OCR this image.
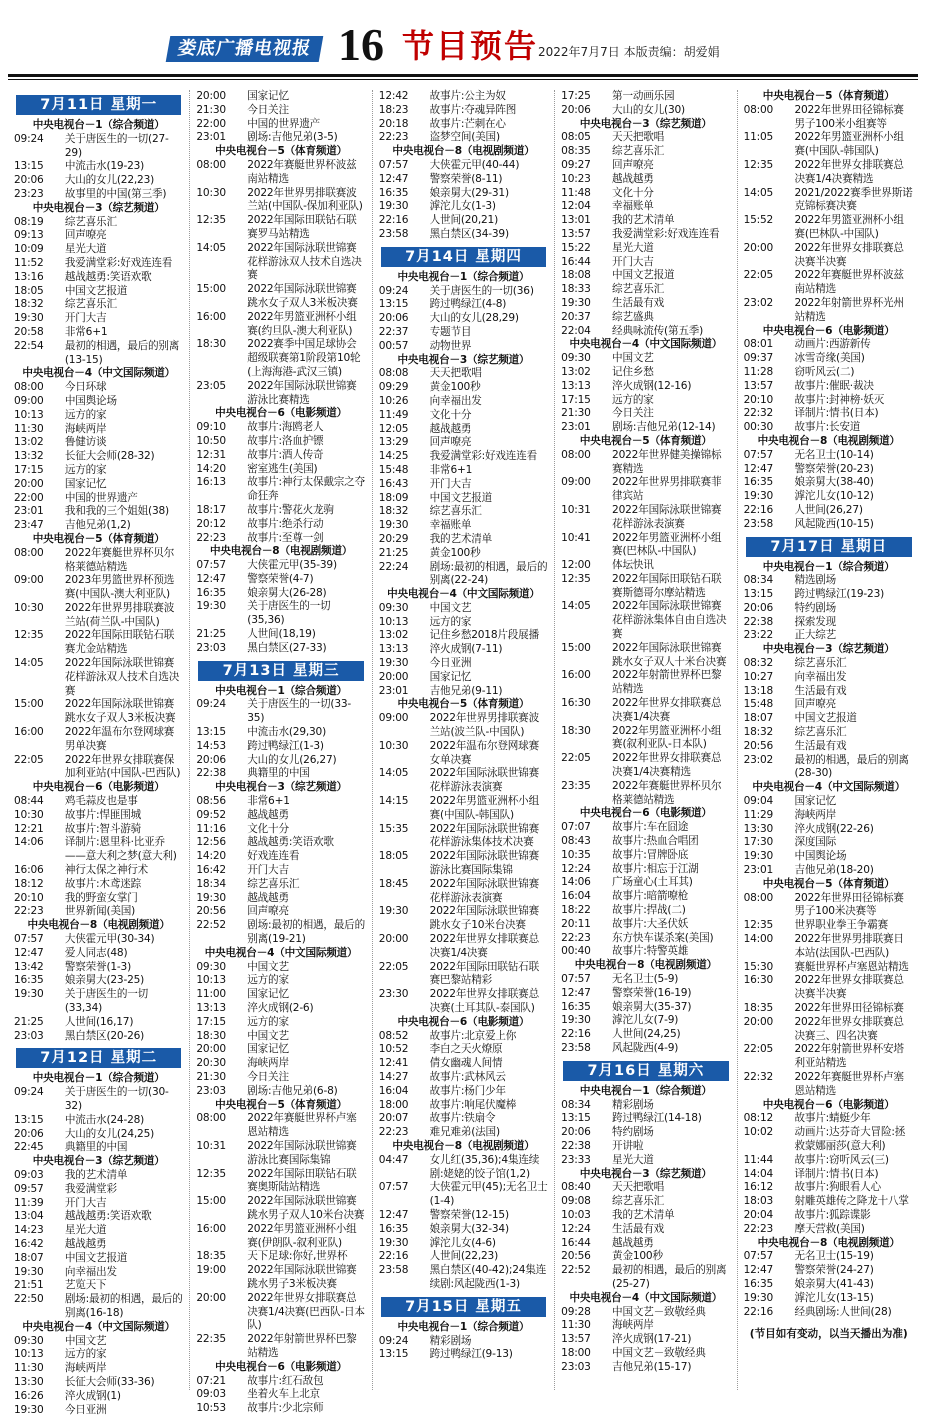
娄底广播电视报 16 节目预告 2022年7月7日 本版责编：胡爱娟
7月11日 星期一
中央电视台－1（综合频道）
09:24 关于唐医生的一切(27-29)
13:15 中流击水(19-23)
20:06 大山的女儿(22,23)
23:23 故事里的中国(第三季)
中央电视台－3（综艺频道）
08:19 综艺喜乐汇
09:13 回声嘹亮
10:09 星光大道
11:52 我爱满堂彩:好戏连连看
13:16 越战越勇:笑语欢歌
18:05 中国文艺报道
18:32 综艺喜乐汇
19:30 开门大吉
20:58 非常6+1
22:54 最初的相遇，最后的别离(13-15)
中央电视台－4（中文国际频道）
08:00 今日环球
09:00 中国舆论场
10:13 远方的家
11:30 海峡两岸
13:02 鲁健访谈
13:32 长征大会师(28-32)
17:15 远方的家
20:00 国家记忆
22:00 中国的世界遗产
23:01 我和我的三个姐姐(38)
23:47 吉他兄弟(1,2)
中央电视台－5（体育频道）
08:00 2022年赛艇世界杯贝尔格莱德站精选
09:00 2023年男篮世界杯预选赛(中国队-澳大利亚队)
10:30 2022年世界男排联赛波兰站(荷兰队-中国队)
12:35 2022年国际田联钻石联赛尤金站精选
14:05 2022年国际泳联世锦赛花样游泳双人技术自选决赛
15:00 2022年国际泳联世锦赛跳水女子双人3米板决赛
16:00 2022年温布尔登网球赛男单决赛
22:05 2022年世界女排联赛保加利亚站(中国队-巴西队)
中央电视台－6（电影频道）
08:44 鸡毛蒜皮也是事
10:30 故事片:悍匪围城
12:21 故事片:智斗游骑
14:06 译制片:恩里科·比亚乔——意大利之梦(意大利)
16:06 神行太保之神行术
18:12 故事片:木鸢迷踪
20:10 我的野蛮女掌门
22:23 世界新闻(美国)
中央电视台－8（电视剧频道）
07:57 大侠霍元甲(30-34)
12:47 爱人同志(48)
13:42 警察荣誉(1-3)
16:35 娘亲舅大(23-25)
19:30 关于唐医生的一切(33,34)
21:25 人世间(16,17)
23:03 黑白禁区(20-26)
7月12日 星期二
中央电视台－1（综合频道）
09:24 关于唐医生的一切(30-32)
13:15 中流击水(24-28)
20:06 大山的女儿(24,25)
22:45 典籍里的中国
中央电视台－3（综艺频道）
09:03 我的艺术清单
09:57 我爱满堂彩
11:39 开门大吉
13:04 越战越勇:笑语欢歌
14:23 星光大道
16:42 越战越勇
18:07 中国文艺报道
19:30 向幸福出发
21:51 艺览天下
22:50 剧场:最初的相遇，最后的别离(16-18)
中央电视台－4（中文国际频道）
09:30 中国文艺
10:13 远方的家
11:30 海峡两岸
13:30 长征大会师(33-36)
16:26 淬火成钢(1)
19:30 今日亚洲
20:00 国家记忆
21:30 今日关注
22:00 中国的世界遗产
23:01 剧场:吉他兄弟(3-5)
中央电视台－5（体育频道）
08:00 2022年赛艇世界杯波兹南站精选
10:30 2022年世界男排联赛波兰站(中国队-保加利亚队)
12:35 2022年国际田联钻石联赛罗马站精选
14:05 2022年国际泳联世锦赛花样游泳双人技术自选决赛
15:00 2022年国际泳联世锦赛跳水女子双人3米板决赛
16:00 2022年男篮亚洲杯小组赛(约旦队-澳大利亚队)
18:30 2022赛季中国足球协会超级联赛第1阶段第10轮(上海海港-武汉三镇)
23:05 2022年国际泳联世锦赛游泳比赛精选
中央电视台－6（电影频道）
09:10 故事片:海鸥老人
10:50 故事片:洛血护镖
12:31 故事片:酒人传奇
14:20 密室逃生(美国)
16:13 故事片:神行太保戴宗之夺命狂奔
18:17 故事片:警花火龙驹
20:12 故事片:绝杀行动
22:23 故事片:至尊一剑
中央电视台－8（电视剧频道）
07:57 大侠霍元甲(35-39)
12:47 警察荣誉(4-7)
16:35 娘亲舅大(26-28)
19:30 关于唐医生的一切(35,36)
21:25 人世间(18,19)
23:03 黑白禁区(27-33)
7月13日 星期三
中央电视台－1（综合频道）
09:24 关于唐医生的一切(33-35)
13:15 中流击水(29,30)
14:53 跨过鸭绿江(1-3)
20:06 大山的女儿(26,27)
22:38 典籍里的中国
中央电视台－3（综艺频道）
08:56 非常6+1
09:52 越战越勇
11:16 文化十分
12:56 越战越勇:笑语欢歌
14:20 好戏连连看
16:42 开门大吉
18:34 综艺喜乐汇
19:30 越战越勇
20:56 回声嘹亮
22:52 剧场:最初的相遇，最后的别离(19-21)
中央电视台－4（中文国际频道）
09:30 中国文艺
10:13 远方的家
11:00 国家记忆
13:13 淬火成钢(2-6)
17:15 远方的家
18:30 中国文艺
20:00 国家记忆
20:30 海峡两岸
21:30 今日关注
23:03 剧场:吉他兄弟(6-8)
中央电视台－5（体育频道）
08:00 2022年赛艇世界杯卢塞恩站精选
10:31 2022年国际泳联世锦赛游泳比赛国际集锦
12:35 2022年国际田联钻石联赛奥斯陆站精选
15:00 2022年国际泳联世锦赛跳水男子双人10米台决赛
16:00 2022年男篮亚洲杯小组赛(伊朗队-叙利亚队)
18:35 天下足球:你好,世界杯
19:00 2022年国际泳联世锦赛跳水男子3米板决赛
20:00 2022年世界女排联赛总决赛1/4决赛(巴西队-日本队)
22:35 2022年射箭世界杯巴黎站精选
中央电视台－6（电影频道）
07:21 故事片:红石敌包
09:03 坐着火车上北京
10:53 故事片:少北宗师
12:42 故事片:公主为奴
18:23 故事片:夺魂异阵图
20:18 故事片:芒刺在心
22:23 盗梦空间(美国)
中央电视台－8（电视剧频道）
07:57 大侠霍元甲(40-44)
12:47 警察荣誉(8-11)
16:35 娘亲舅大(29-31)
19:30 滹沱儿女(1-3)
22:16 人世间(20,21)
23:58 黑白禁区(34-39)
7月14日 星期四
中央电视台－1（综合频道）
09:24 关于唐医生的一切(36)
13:15 跨过鸭绿江(4-8)
20:06 大山的女儿(28,29)
22:37 专题节目
00:57 动物世界
中央电视台－3（综艺频道）
08:08 天天把歌唱
09:29 黄金100秒
10:26 向幸福出发
11:49 文化十分
12:05 越战越勇
13:29 回声嘹亮
14:25 我爱满堂彩:好戏连连看
15:48 非常6+1
16:43 开门大吉
18:09 中国文艺报道
18:32 综艺喜乐汇
19:30 幸福账单
20:29 我的艺术清单
21:25 黄金100秒
22:24 剧场:最初的相遇，最后的别离(22-24)
中央电视台－4（中文国际频道）
09:30 中国文艺
10:13 远方的家
13:02 记住乡愁2018片段展播
13:13 淬火成钢(7-11)
19:30 今日亚洲
20:00 国家记忆
23:01 吉他兄弟(9-11)
中央电视台－5（体育频道）
09:00 2022年世界男排联赛波兰站(波兰队-中国队)
10:30 2022年温布尔登网球赛女单决赛
14:05 2022年国际泳联世锦赛花样游泳表演赛
14:15 2022年男篮亚洲杯小组赛(中国队-韩国队)
15:35 2022年国际泳联世锦赛花样游泳集体技术决赛
18:05 2022年国际泳联世锦赛游泳比赛国际集锦
18:45 2022年国际泳联世锦赛花样游泳表演赛
19:30 2022年国际泳联世锦赛跳水女子10米台决赛
20:00 2022年世界女排联赛总决赛1/4决赛
22:05 2022年国际田联钻石联赛巴黎站精彩
23:30 2022年世界女排联赛总决赛(土耳其队-泰国队)
中央电视台－6（电影频道）
08:52 故事片:北京爱上你
10:52 李白之天火燎原
12:41 倩女幽魂人间情
14:27 故事片:武林风云
16:04 故事片:杨门少年
18:00 故事片:响尾伏魔棒
20:07 故事片:铁扇令
22:23 难兄难弟(法国)
中央电视台－8（电视剧频道）
04:47 女儿红(35,36);4集连续剧:姥姥的饺子馆(1,2)
07:57 大侠霍元甲(45);无名卫士(1-4)
12:47 警察荣誉(12-15)
16:35 娘亲舅大(32-34)
19:30 滹沱儿女(4-6)
22:16 人世间(22,23)
23:58 黑白禁区(40-42);24集连续剧:风起陇西(1-3)
7月15日 星期五
中央电视台－1（综合频道）
09:24 精彩剧场
13:15 跨过鸭绿江(9-13)
17:25 第一动画乐园
20:06 大山的女儿(30)
中央电视台－3（综艺频道）
08:05 天天把歌唱
08:35 综艺喜乐汇
09:27 回声嘹亮
10:23 越战越勇
11:48 文化十分
12:04 幸福账单
13:01 我的艺术清单
13:57 我爱满堂彩:好戏连连看
15:22 星光大道
16:44 开门大吉
18:08 中国文艺报道
18:33 综艺喜乐汇
19:30 生活最有戏
20:37 综艺盛典
22:04 经典咏流传(第五季)
中央电视台－4（中文国际频道）
09:30 中国文艺
13:02 记住乡愁
13:13 淬火成钢(12-16)
17:15 远方的家
21:30 今日关注
23:01 剧场:吉他兄弟(12-14)
中央电视台－5（体育频道）
08:00 2022年世界健美操锦标赛精选
09:00 2022年世界男排联赛菲律宾站
10:31 2022年国际泳联世锦赛花样游泳表演赛
10:41 2022年男篮亚洲杯小组赛(巴林队-中国队)
12:00 体坛快讯
12:35 2022年国际田联钻石联赛斯德哥尔摩站精选
14:05 2022年国际泳联世锦赛花样游泳集体自由自选决赛
15:00 2022年国际泳联世锦赛跳水女子双人十米台决赛
16:00 2022年射箭世界杯巴黎站精选
16:30 2022年世界女排联赛总决赛1/4决赛
18:30 2022年男篮亚洲杯小组赛(叙利亚队-日本队)
22:05 2022年世界女排联赛总决赛1/4决赛精选
23:35 2022年赛艇世界杯贝尔格莱德站精选
中央电视台－6（电影频道）
07:07 故事片:车在囧途
08:43 故事片:热血合唱团
10:35 故事片:冒牌卧底
12:24 故事片:相忘于江湖
14:06 广场童心(土耳其)
16:04 故事片:暗箭嘹枪
18:22 故事片:捍战(二)
20:11 故事片:大圣伏妖
22:23 东方快车谋杀案(美国)
00:40 故事片:特警英雄
中央电视台－8（电视剧频道）
07:57 无名卫士(5-9)
12:47 警察荣誉(16-19)
16:35 娘亲舅大(35-37)
19:30 滹沱儿女(7-9)
22:16 人世间(24,25)
23:58 风起陇西(4-9)
7月16日 星期六
中央电视台－1（综合频道）
08:34 精彩剧场
13:15 跨过鸭绿江(14-18)
20:06 特约剧场
22:38 开讲啦
23:33 星光大道
中央电视台－3（综艺频道）
08:40 天天把歌唱
09:08 综艺喜乐汇
10:03 我的艺术清单
12:24 生活最有戏
16:44 越战越勇
20:56 黄金100秒
22:52 最初的相遇，最后的别离(25-27)
中央电视台－4（中文国际频道）
09:28 中国文艺－致敬经典
11:30 海峡两岸
13:57 淬火成钢(17-21)
18:00 中国文艺－致敬经典
23:03 吉他兄弟(15-17)
中央电视台－5（体育频道）
08:00 2022年世界田径锦标赛男子100米小组赛等
11:05 2022年男篮亚洲杯小组赛(中国队-韩国队)
12:35 2022年世界女排联赛总决赛1/4决赛精选
14:05 2021/2022赛季世界斯诺克锦标赛决赛
15:52 2022年男篮亚洲杯小组赛(巴林队-中国队)
20:00 2022年世界女排联赛总决赛半决赛
22:05 2022年赛艇世界杯波兹南站精选
23:02 2022年射箭世界杯光州站精选
中央电视台－6（电影频道）
08:01 动画片:西游新传
09:37 冰雪奇缘(美国)
11:28 窃听风云(二)
13:57 故事片:催眠·裁决
20:10 故事片:封神榜·妖灭
22:32 译制片:情书(日本)
00:30 故事片:长安道
中央电视台－8（电视剧频道）
07:57 无名卫士(10-14)
12:47 警察荣誉(20-23)
16:35 娘亲舅大(38-40)
19:30 滹沱儿女(10-12)
22:16 人世间(26,27)
23:58 风起陇西(10-15)
7月17日 星期日
中央电视台－1（综合频道）
08:34 精选剧场
13:15 跨过鸭绿江(19-23)
20:06 特约剧场
22:38 探索发现
23:22 正大综艺
中央电视台－3（综艺频道）
08:32 综艺喜乐汇
10:27 向幸福出发
13:18 生活最有戏
15:48 回声嘹亮
18:07 中国文艺报道
18:32 综艺喜乐汇
20:56 生活最有戏
23:02 最初的相遇，最后的别离(28-30)
中央电视台－4（中文国际频道）
09:04 国家记忆
11:29 海峡两岸
13:30 淬火成钢(22-26)
17:30 深度国际
19:30 中国舆论场
23:01 吉他兄弟(18-20)
中央电视台－5（体育频道）
08:00 2022年世界田径锦标赛男子100米决赛等
12:35 世界职业拳王争霸赛
14:00 2022年世界男排联赛日本站(法国队-巴西队)
15:30 赛艇世界杯卢塞恩站精选
16:30 2022年世界女排联赛总决赛半决赛
18:35 2022年世界田径锦标赛
20:00 2022年世界女排联赛总决赛三、四名决赛
22:05 2022年射箭世界杯安塔利亚站精选
22:32 2022年赛艇世界杯卢塞恩站精选
中央电视台－6（电影频道）
08:12 故事片:蜻蜓少年
10:02 动画片:达芬奇大冒险:拯救蒙娜丽莎(意大利)
11:44 故事片:窃听风云(三)
14:04 译制片:情书(日本)
16:12 故事片:狗眼看人心
18:03 射雕英雄传之降龙十八掌
20:04 故事片:狐踪谍影
22:23 摩天营救(美国)
中央电视台－8（电视剧频道）
07:57 无名卫士(15-19)
12:47 警察荣誉(24-27)
16:35 娘亲舅大(41-43)
19:30 滹沱儿女(13-15)
22:16 经典剧场:人世间(28)
(节目如有变动，以当天播出为准)
